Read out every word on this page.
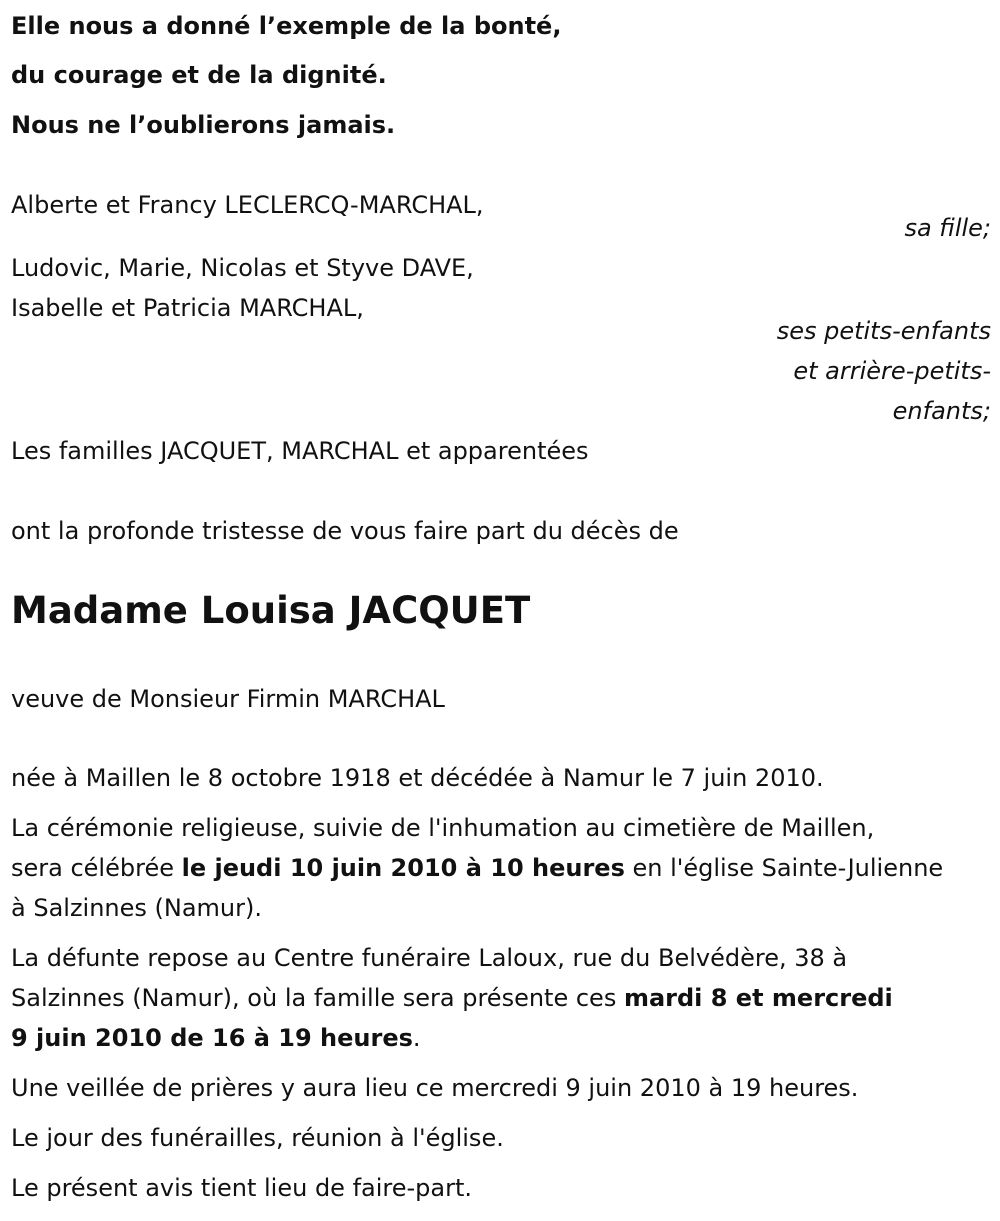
Elle nous a donné l’exemple de la bonté,
du courage et de la dignité.
Nous ne l’oublierons jamais.
Alberte et Francy LECLERCQ-MARCHAL,
sa fille;
Ludovic, Marie, Nicolas et Styve DAVE,
Isabelle et Patricia MARCHAL,
ses petits-enfants
et arrière-petits-
enfants;
Les familles JACQUET, MARCHAL et apparentées
ont la profonde tristesse de vous faire part du décès de
Madame Louisa JACQUET
veuve de Monsieur Firmin MARCHAL
née à Maillen le 8 octobre 1918 et décédée à Namur le 7 juin 2010.
La cérémonie religieuse, suivie de l'inhumation au cimetière de Maillen,
sera célébrée le jeudi 10 juin 2010 à 10 heures en l'église Sainte-Julienne
à Salzinnes (Namur).
La défunte repose au Centre funéraire Laloux, rue du Belvédère, 38 à
Salzinnes (Namur), où la famille sera présente ces mardi 8 et mercredi
9 juin 2010 de 16 à 19 heures.
Une veillée de prières y aura lieu ce mercredi 9 juin 2010 à 19 heures.
Le jour des funérailles, réunion à l'église.
Le présent avis tient lieu de faire-part.
